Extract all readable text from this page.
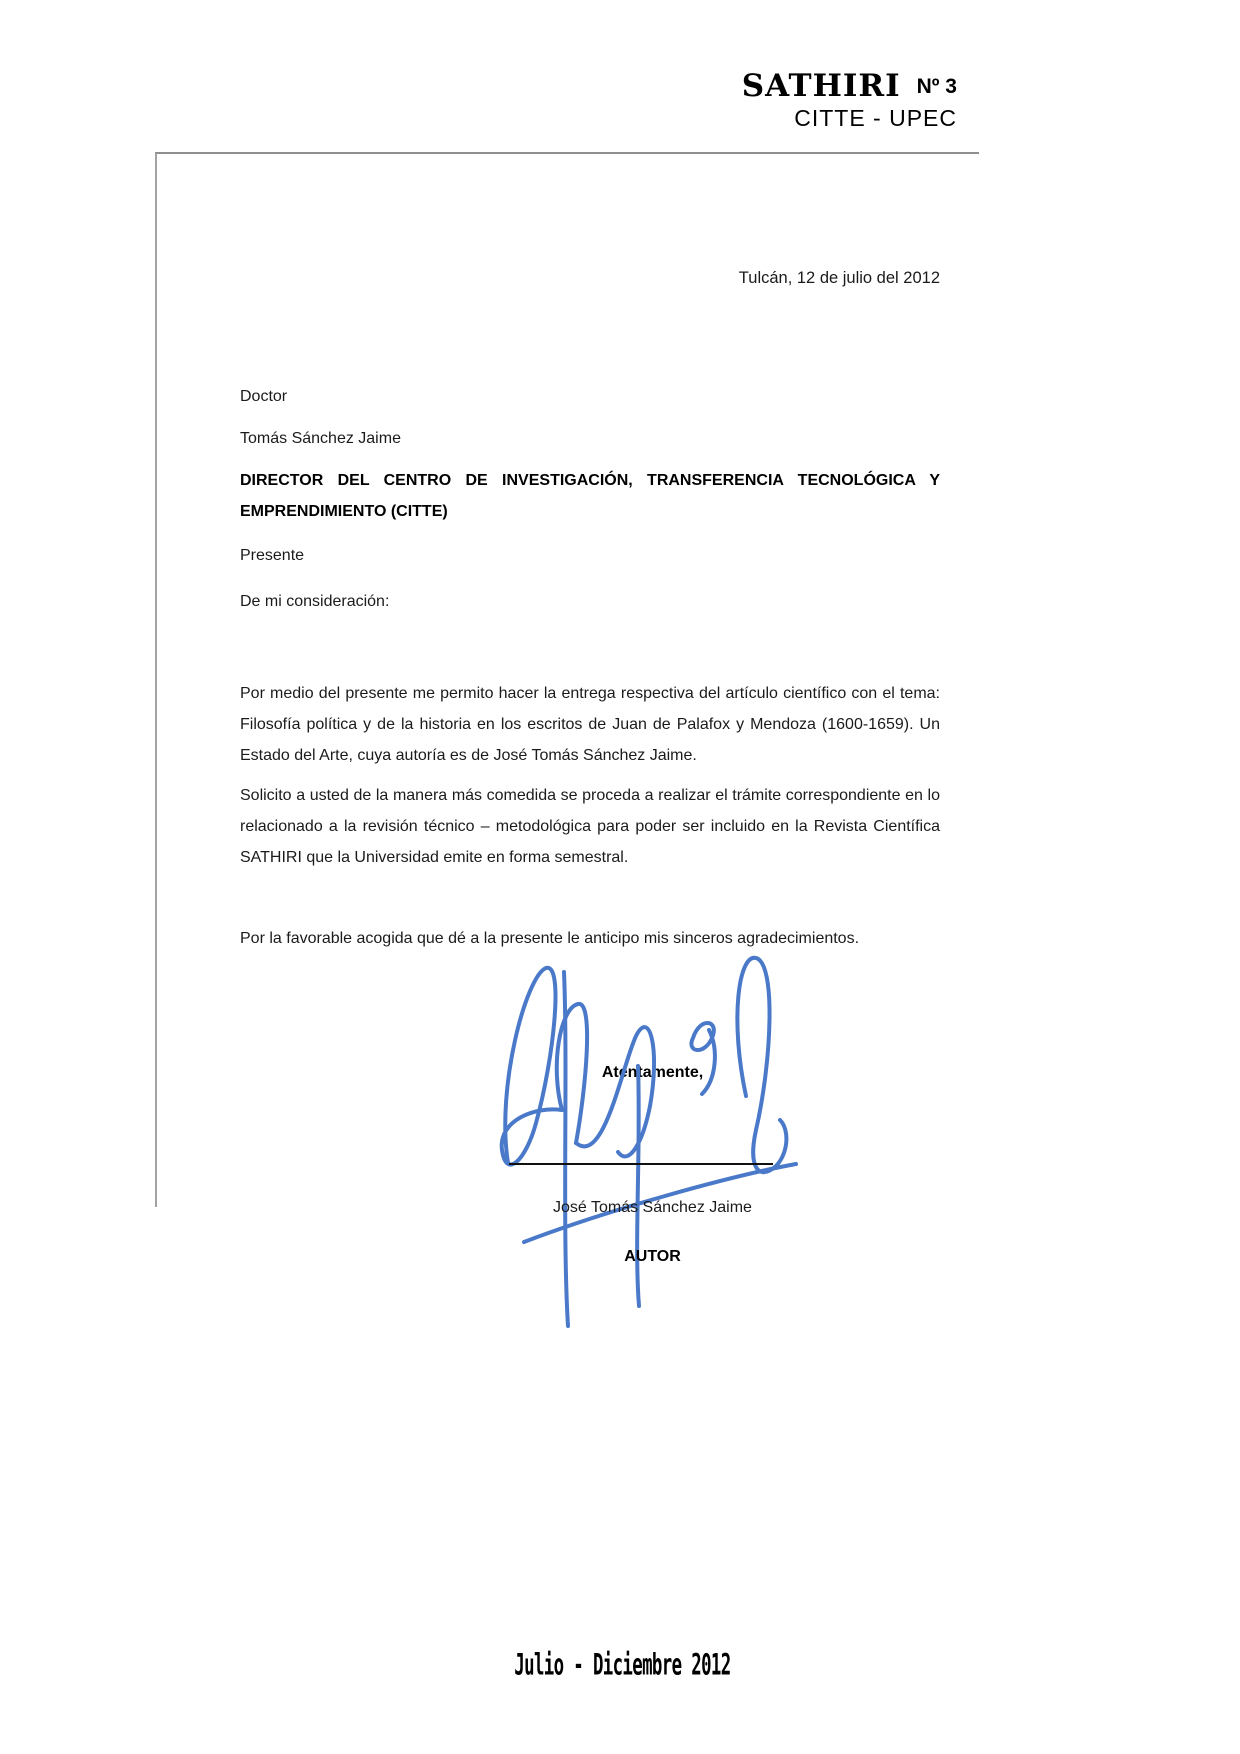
SATHIRI Nº 3
CITTE - UPEC
Tulcán, 12 de julio del 2012
Doctor
Tomás Sánchez Jaime
DIRECTOR DEL CENTRO DE INVESTIGACIÓN, TRANSFERENCIA TECNOLÓGICA Y EMPRENDIMIENTO (CITTE)
Presente
De mi consideración:
Por medio del presente me permito hacer la entrega respectiva del artículo científico con el tema: Filosofía política y de la historia en los escritos de Juan de Palafox y Mendoza (1600-1659). Un Estado del Arte, cuya autoría es de José Tomás Sánchez Jaime.
Solicito a usted de la manera más comedida se proceda a realizar el trámite correspondiente en lo relacionado a la revisión técnico – metodológica para poder ser incluido en la Revista Científica SATHIRI que la Universidad emite en forma semestral.
Por la favorable acogida que dé a la presente le anticipo mis sinceros agradecimientos.
Atentamente,
José Tomás Sánchez Jaime
AUTOR
Julio - Diciembre 2012
